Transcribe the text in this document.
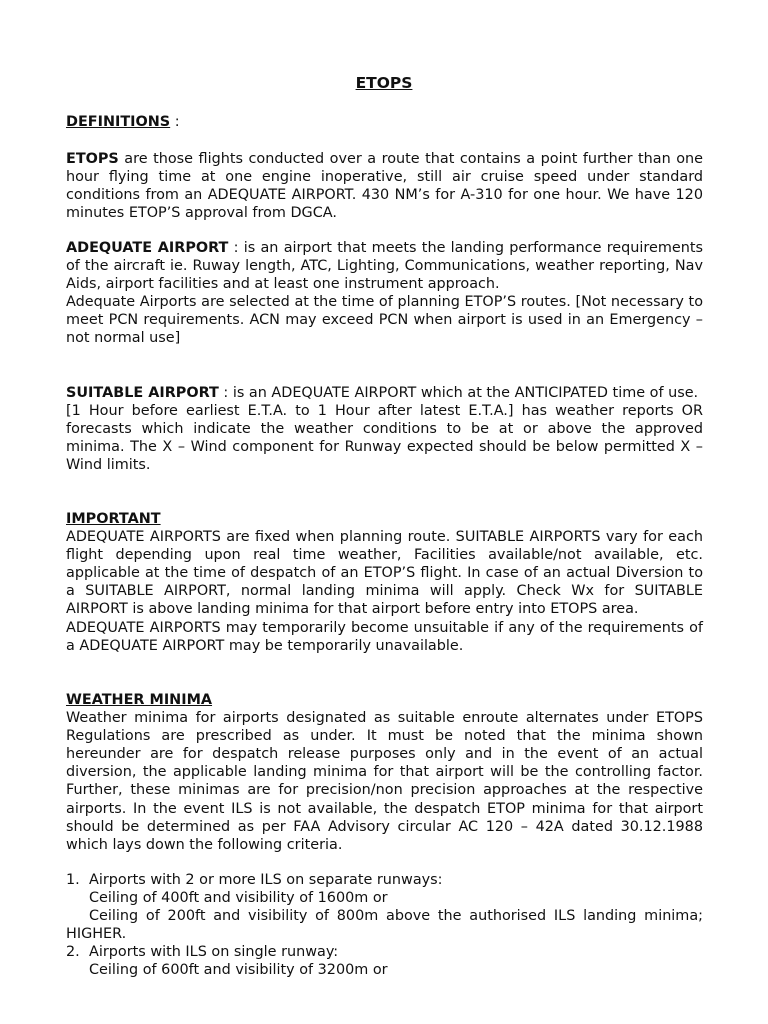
ETOPS
DEFINITIONS :
ETOPS are those flights conducted over a route that contains a point further than one hour flying time at one engine inoperative, still air cruise speed under standard conditions from an ADEQUATE AIRPORT. 430 NM’s for A-310 for one hour. We have 120 minutes ETOP’S approval from DGCA.
ADEQUATE AIRPORT : is an airport that meets the landing performance requirements of the aircraft ie. Ruway length, ATC, Lighting, Communications, weather reporting, Nav Aids, airport facilities and at least one instrument approach.
Adequate Airports are selected at the time of planning ETOP’S routes. [Not necessary to meet PCN requirements. ACN may exceed PCN when airport is used in an Emergency – not normal use]
SUITABLE AIRPORT : is an ADEQUATE AIRPORT which at the ANTICIPATED time of use.
[1 Hour before earliest E.T.A. to 1 Hour after latest E.T.A.] has weather reports OR forecasts which indicate the weather conditions to be at or above the approved minima. The X – Wind component for Runway expected should be below permitted X – Wind limits.
IMPORTANT
ADEQUATE AIRPORTS are fixed when planning route. SUITABLE AIRPORTS vary for each flight depending upon real time weather, Facilities available/not available, etc. applicable at the time of despatch of an ETOP’S flight. In case of an actual Diversion to a SUITABLE AIRPORT, normal landing minima will apply. Check Wx for SUITABLE AIRPORT is above landing minima for that airport before entry into ETOPS area.
ADEQUATE AIRPORTS may temporarily become unsuitable if any of the requirements of a ADEQUATE AIRPORT may be temporarily unavailable.
WEATHER MINIMA
Weather minima for airports designated as suitable enroute alternates under ETOPS Regulations are prescribed as under. It must be noted that the minima shown hereunder are for despatch release purposes only and in the event of an actual diversion, the applicable landing minima for that airport will be the controlling factor. Further, these minimas are for precision/non precision approaches at the respective airports. In the event ILS is not available, the despatch ETOP minima for that airport should be determined as per FAA Advisory circular AC 120 – 42A dated 30.12.1988 which lays down the following criteria.
1. Airports with 2 or more ILS on separate runways:
Ceiling of 400ft and visibility of 1600m or
Ceiling of 200ft and visibility of 800m above the authorised ILS landing minima; HIGHER.
2. Airports with ILS on single runway:
Ceiling of 600ft and visibility of 3200m or
